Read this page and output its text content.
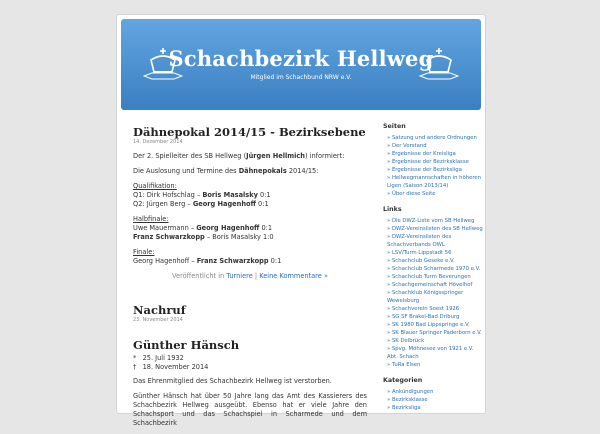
Schachbezirk Hellweg
Mitglied im Schachbund NRW e.V.
Dähnepokal 2014/15 - Bezirksebene
14. Dezember 2014

Der 2. Spielleiter des SB Hellweg (Jürgen Hellmich) informiert:

Die Auslosung und Termine des Dähnepokals 2014/15:

Qualifikation:
Q1: Dirk Hofschlag – Boris Masalsky 0:1
Q2: Jürgen Berg – Georg Hagenhoff 0:1

Halbfinale:
Uwe Mauermann – Georg Hagenhoff 0:1
Franz Schwarzkopp – Boris Masalsky 1:0

Finale:
Georg Hagenhoff – Franz Schwarzkopp 0:1

Veröffentlicht in Turniere | Keine Kommentare »
Nachruf
23. November 2014
Günther Hänsch
*   25. Juli 1932
†   18. November 2014

Das Ehrenmitglied des Schachbezirk Hellweg ist verstorben.

Günther Hänsch hat über 50 Jahre lang das Amt des Kassierers des Schachbezirk Hellweg ausgeübt. Ebenso hat er viele Jahre den Schachsport und das Schachspiel in Scharmede und dem Schachbezirk

Seiten
» Satzung und andere Ordnungen
» Der Vorstand
» Ergebnisse der Kreisliga
» Ergebnisse der Bezirksklasse
» Ergebnisse der Bezirksliga
» Hellwegmannschaften in höheren Ligen (Saison 2013/14)
» Über diese Seite
Links
» Die DWZ-Liste vom SB Hellweg
» DWZ-Vereinslisten des SB Hellweg
» DWZ-Vereinslisten des Schachverbands OWL
» LSV/Turm Lippstadt 56
» Schachclub Geseke e.V.
» Schachclub Scharmede 1970 e.V.
» Schachclub Turm Beverungen
» Schachgemeinschaft Hövelhof
» Schachklub Königsspringer Wewelsburg
» Schachverein Soest 1926
» SG SF Brakel-Bad Driburg
» SK 1980 Bad Lippspringe e.V.
» SK Blauer Springer Paderborn e.V.
» SK Delbrück
» Spvg. Möhnesee von 1921 e.V. Abt. Schach
» TuRa Elsen
Kategorien
» Ankündigungen
» Bezirksklasse
» Bezirksliga
